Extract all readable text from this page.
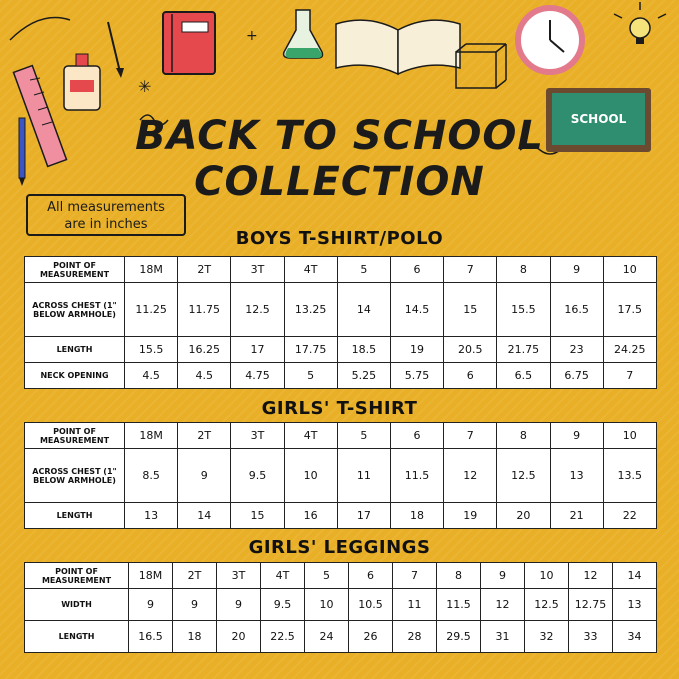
✳
+
SCHOOL
BACK TO SCHOOL
COLLECTION
All measurements
are in inches
BOYS T-SHIRT/POLO
POINT OF MEASUREMENT	18M	2T	3T	4T	5	6	7	8	9	10
ACROSS CHEST (1" BELOW ARMHOLE)	11.25	11.75	12.5	13.25	14	14.5	15	15.5	16.5	17.5
LENGTH	15.5	16.25	17	17.75	18.5	19	20.5	21.75	23	24.25
NECK OPENING	4.5	4.5	4.75	5	5.25	5.75	6	6.5	6.75	7
GIRLS' T-SHIRT
POINT OF MEASUREMENT	18M	2T	3T	4T	5	6	7	8	9	10
ACROSS CHEST (1" BELOW ARMHOLE)	8.5	9	9.5	10	11	11.5	12	12.5	13	13.5
LENGTH	13	14	15	16	17	18	19	20	21	22
GIRLS' LEGGINGS
POINT OF MEASUREMENT	18M	2T	3T	4T	5	6	7	8	9	10	12	14
WIDTH	9	9	9	9.5	10	10.5	11	11.5	12	12.5	12.75	13
LENGTH	16.5	18	20	22.5	24	26	28	29.5	31	32	33	34
